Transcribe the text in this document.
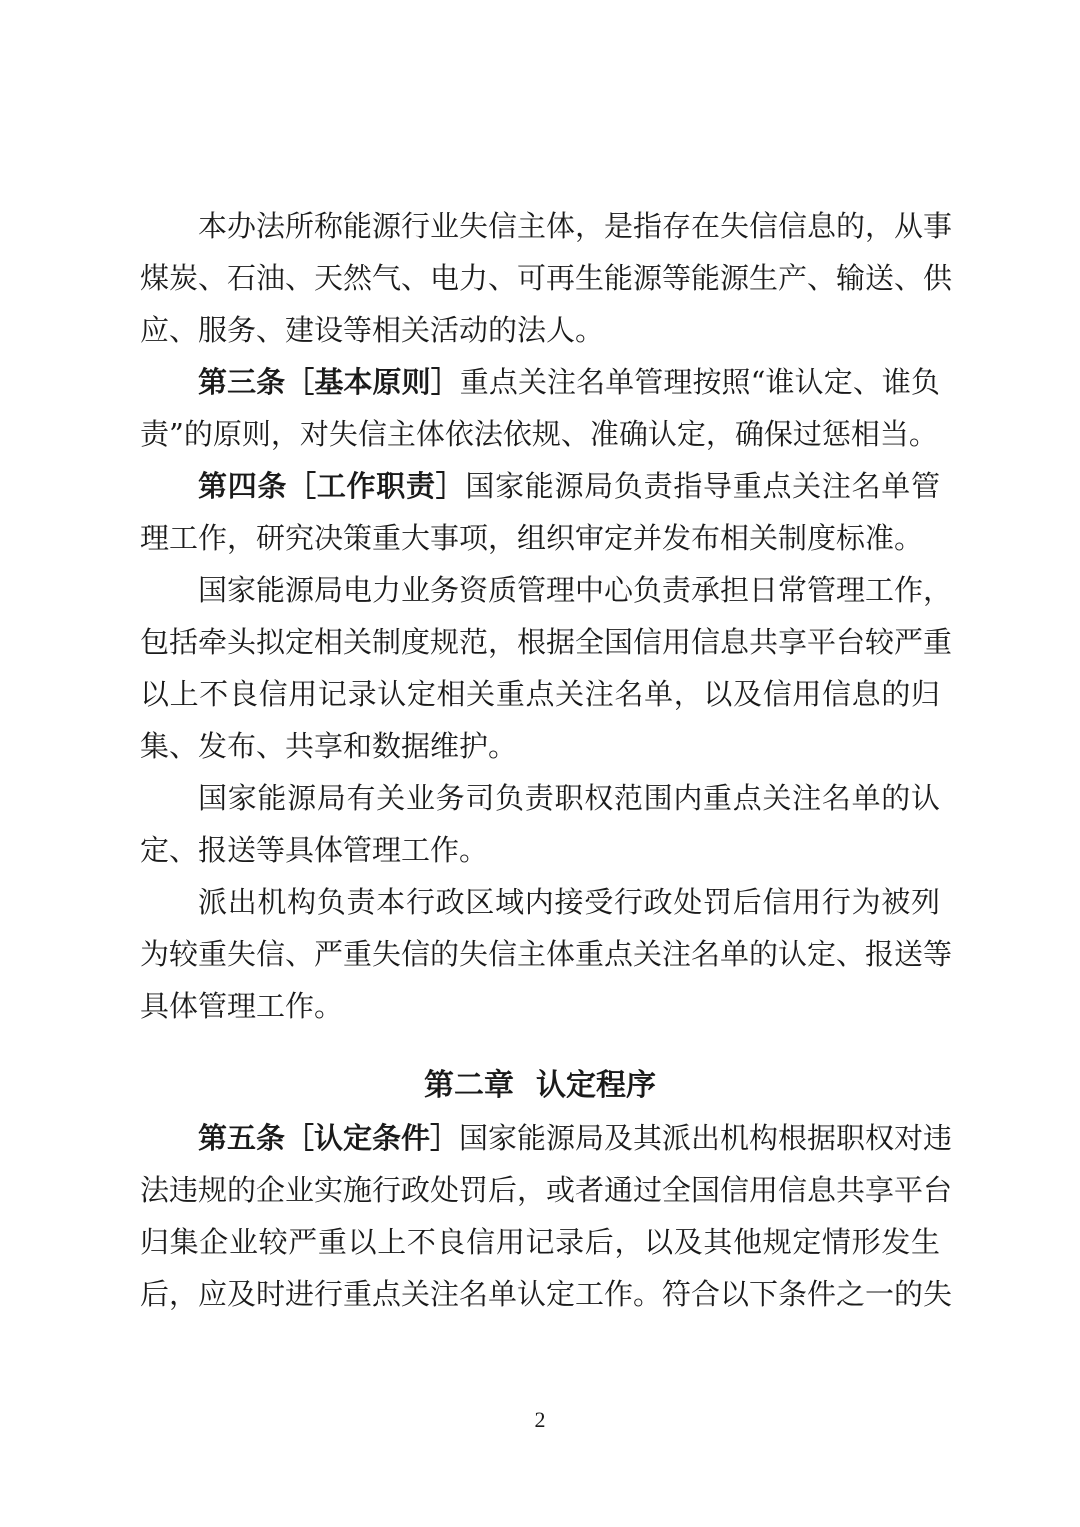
本办法所称能源行业失信主体，是指存在失信信息的，从事
煤炭、石油、天然气、电力、可再生能源等能源生产、输送、供
应、服务、建设等相关活动的法人。
第三条［基本原则］重点关注名单管理按照“谁认定、谁负
责”的原则，对失信主体依法依规、准确认定，确保过惩相当。
第四条［工作职责］国家能源局负责指导重点关注名单管
理工作，研究决策重大事项，组织审定并发布相关制度标准。
国家能源局电力业务资质管理中心负责承担日常管理工作，
包括牵头拟定相关制度规范，根据全国信用信息共享平台较严重
以上不良信用记录认定相关重点关注名单，以及信用信息的归
集、发布、共享和数据维护。
国家能源局有关业务司负责职权范围内重点关注名单的认
定、报送等具体管理工作。
派出机构负责本行政区域内接受行政处罚后信用行为被列
为较重失信、严重失信的失信主体重点关注名单的认定、报送等
具体管理工作。
第二章 认定程序
第五条［认定条件］国家能源局及其派出机构根据职权对违
法违规的企业实施行政处罚后，或者通过全国信用信息共享平台
归集企业较严重以上不良信用记录后，以及其他规定情形发生
后，应及时进行重点关注名单认定工作。符合以下条件之一的失
2
